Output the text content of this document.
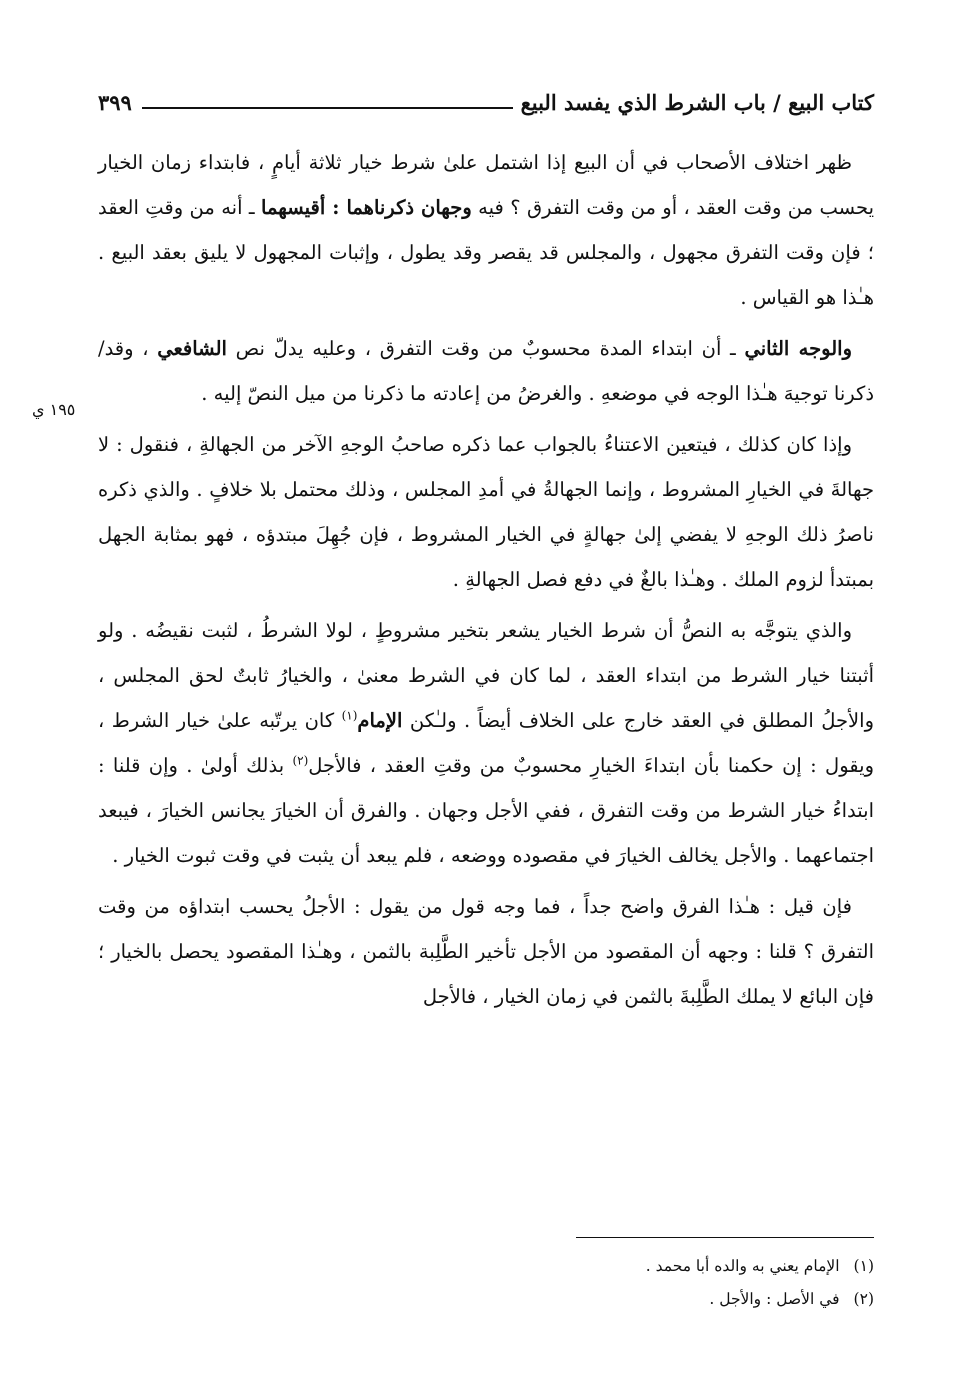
كتاب البيع / باب الشرط الذي يفسد البيع
٣٩٩
١٩٥ ي

ظهر اختلاف الأصحاب في أن البيع إذا اشتمل علىٰ شرط خيار ثلاثة أيامٍ ، فابتداء زمان الخيار يحسب من وقت العقد ، أو من وقت التفرق ؟ فيه وجهان ذكرناهما : أقيسهما ـ أنه من وقتِ العقد ؛ فإن وقت التفرق مجهول ، والمجلس قد يقصر وقد يطول ، وإثبات المجهول لا يليق بعقد البيع . هـٰذا هو القياس .

والوجه الثاني ـ أن ابتداء المدة محسوبٌ من وقت التفرق ، وعليه يدلّ نص الشافعي ، وقد/ ذكرنا توجيهَ هـٰذا الوجه في موضعهِ . والغرضُ من إعادته ما ذكرنا من ميل النصّ إليه .

وإذا كان كذلك ، فيتعين الاعتناءُ بالجواب عما ذكره صاحبُ الوجهِ الآخر من الجهالةِ ، فنقول : لا جهالةَ في الخيارِ المشروط ، وإنما الجهالةُ في أمدِ المجلس ، وذلك محتمل بلا خلافٍ . والذي ذكره ناصرُ ذلك الوجهِ لا يفضي إلىٰ جهالةٍ في الخيار المشروط ، فإن جُهِلَ مبتدؤه ، فهو بمثابة الجهل بمبتدأ لزوم الملك . وهـٰذا بالغٌ في دفع فصل الجهالةِ .

والذي يتوجَّه به النصُّ أن شرط الخيار يشعر بتخير مشروطٍ ، لولا الشرطُ ، لثبت نقيضُه . ولو أثبتنا خيار الشرط من ابتداء العقد ، لما كان في الشرط معنىٰ ، والخيارُ ثابتٌ لحق المجلس ، والأجلُ المطلق في العقد خارج على الخلاف أيضاً . ولـٰكن الإمام$^{(١)}$ كان يرتّبه علىٰ خيار الشرط ، ويقول : إن حكمنا بأن ابتداءَ الخيارِ محسوبٌ من وقتِ العقد ، فالأجل$^{(٢)}$ بذلك أولىٰ . وإن قلنا : ابتداءُ خيار الشرط من وقت التفرق ، ففي الأجل وجهان . والفرق أن الخيارَ يجانس الخيارَ ، فيبعد اجتماعهما . والأجل يخالف الخيارَ في مقصوده ووضعه ، فلم يبعد أن يثبت في وقت ثبوت الخيار .

فإن قيل : هـٰذا الفرق واضح جداً ، فما وجه قول من يقول : الأجلُ يحسب ابتداؤه من وقت التفرق ؟ قلنا : وجهه أن المقصود من الأجل تأخير الطَّلِبة بالثمن ، وهـٰذا المقصود يحصل بالخيار ؛ فإن البائع لا يملك الطَّلِبةَ بالثمن في زمان الخيار ، فالأجل

(١)
الإمام يعني به والده أبا محمد .
(٢)
في الأصل : والأجل .
